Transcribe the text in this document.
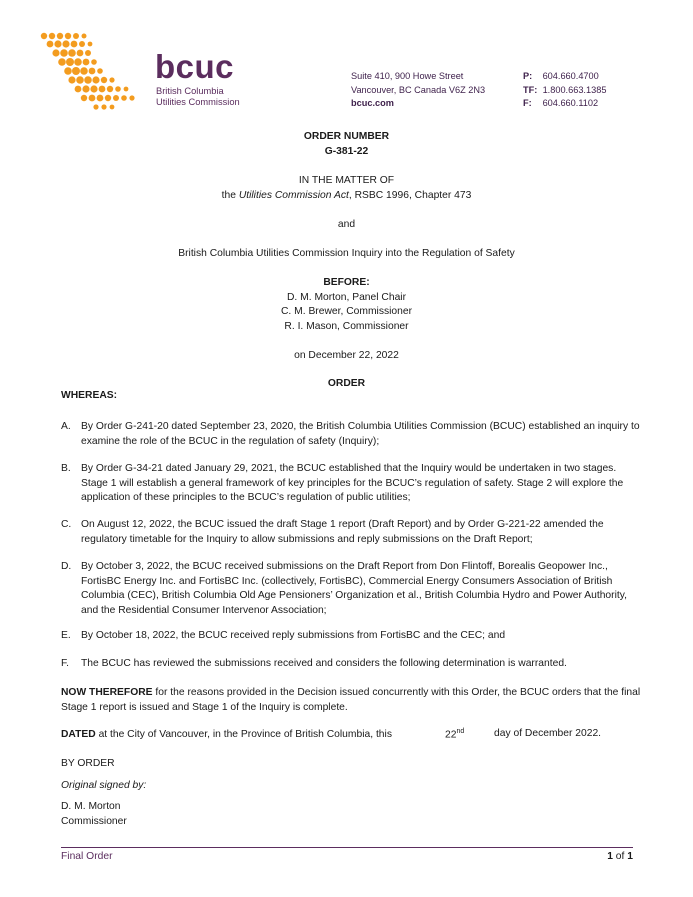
bcuc
British Columbia
Utilities Commission
Suite 410, 900 Howe Street
Vancouver, BC Canada V6Z 2N3
bcuc.com
P: 604.660.4700
TF: 1.800.663.1385
F: 604.660.1102
ORDER NUMBER
G-381-22
IN THE MATTER OF
the Utilities Commission Act, RSBC 1996, Chapter 473
and
British Columbia Utilities Commission Inquiry into the Regulation of Safety
BEFORE:
D. M. Morton, Panel Chair
C. M. Brewer, Commissioner
R. I. Mason, Commissioner
on December 22, 2022
ORDER
WHEREAS:
A. By Order G-241-20 dated September 23, 2020, the British Columbia Utilities Commission (BCUC) established an inquiry to examine the role of the BCUC in the regulation of safety (Inquiry);
B. By Order G-34-21 dated January 29, 2021, the BCUC established that the Inquiry would be undertaken in two stages. Stage 1 will establish a general framework of key principles for the BCUC’s regulation of safety. Stage 2 will explore the application of these principles to the BCUC’s regulation of public utilities;
C. On August 12, 2022, the BCUC issued the draft Stage 1 report (Draft Report) and by Order G-221-22 amended the regulatory timetable for the Inquiry to allow submissions and reply submissions on the Draft Report;
D. By October 3, 2022, the BCUC received submissions on the Draft Report from Don Flintoff, Borealis Geopower Inc., FortisBC Energy Inc. and FortisBC Inc. (collectively, FortisBC), Commercial Energy Consumers Association of British Columbia (CEC), British Columbia Old Age Pensioners’ Organization et al., British Columbia Hydro and Power Authority, and the Residential Consumer Intervenor Association;
E. By October 18, 2022, the BCUC received reply submissions from FortisBC and the CEC; and
F. The BCUC has reviewed the submissions received and considers the following determination is warranted.
NOW THEREFORE for the reasons provided in the Decision issued concurrently with this Order, the BCUC orders that the final Stage 1 report is issued and Stage 1 of the Inquiry is complete.
DATED at the City of Vancouver, in the Province of British Columbia, this	22nd	day of December 2022.
BY ORDER
Original signed by:
D. M. Morton
Commissioner
Final Order	1 of 1
